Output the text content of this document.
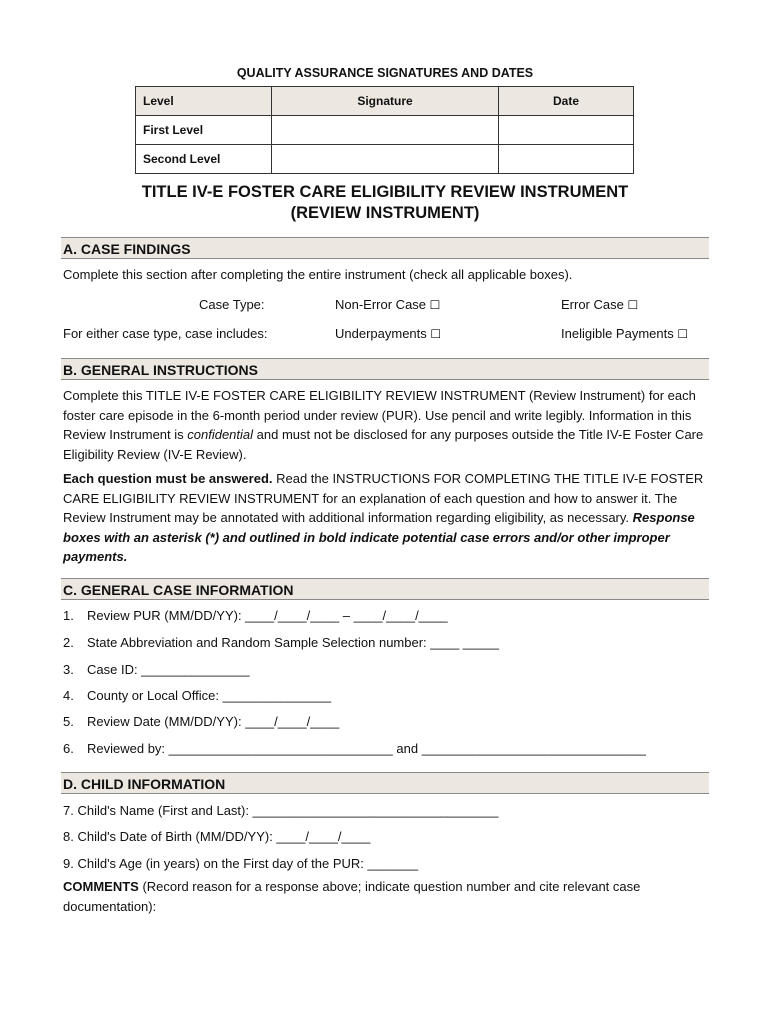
QUALITY ASSURANCE SIGNATURES AND DATES
Level	Signature	Date
First Level		
Second Level		
TITLE IV-E FOSTER CARE ELIGIBILITY REVIEW INSTRUMENT
(REVIEW INSTRUMENT)
A. CASE FINDINGS
Complete this section after completing the entire instrument (check all applicable boxes).
Case Type:	Non-Error Case ☐	Error Case ☐
For either case type, case includes:	Underpayments ☐	Ineligible Payments ☐
B. GENERAL INSTRUCTIONS
Complete this TITLE IV-E FOSTER CARE ELIGIBILITY REVIEW INSTRUMENT (Review Instrument) for each foster care episode in the 6-month period under review (PUR). Use pencil and write legibly. Information in this Review Instrument is confidential and must not be disclosed for any purposes outside the Title IV-E Foster Care Eligibility Review (IV-E Review).
Each question must be answered. Read the INSTRUCTIONS FOR COMPLETING THE TITLE IV-E FOSTER CARE ELIGIBILITY REVIEW INSTRUMENT for an explanation of each question and how to answer it. The Review Instrument may be annotated with additional information regarding eligibility, as necessary. Response boxes with an asterisk (*) and outlined in bold indicate potential case errors and/or other improper payments.
C. GENERAL CASE INFORMATION
1. Review PUR (MM/DD/YY): ____/____/____ – ____/____/____
2. State Abbreviation and Random Sample Selection number: ____ _____
3. Case ID: _______________
4. County or Local Office: _______________
5. Review Date (MM/DD/YY): ____/____/____
6. Reviewed by: _______________________________ and _______________________________
D. CHILD INFORMATION
7. Child's Name (First and Last): __________________________________
8. Child's Date of Birth (MM/DD/YY): ____/____/____
9. Child's Age (in years) on the First day of the PUR: _______
COMMENTS (Record reason for a response above; indicate question number and cite relevant case documentation):
